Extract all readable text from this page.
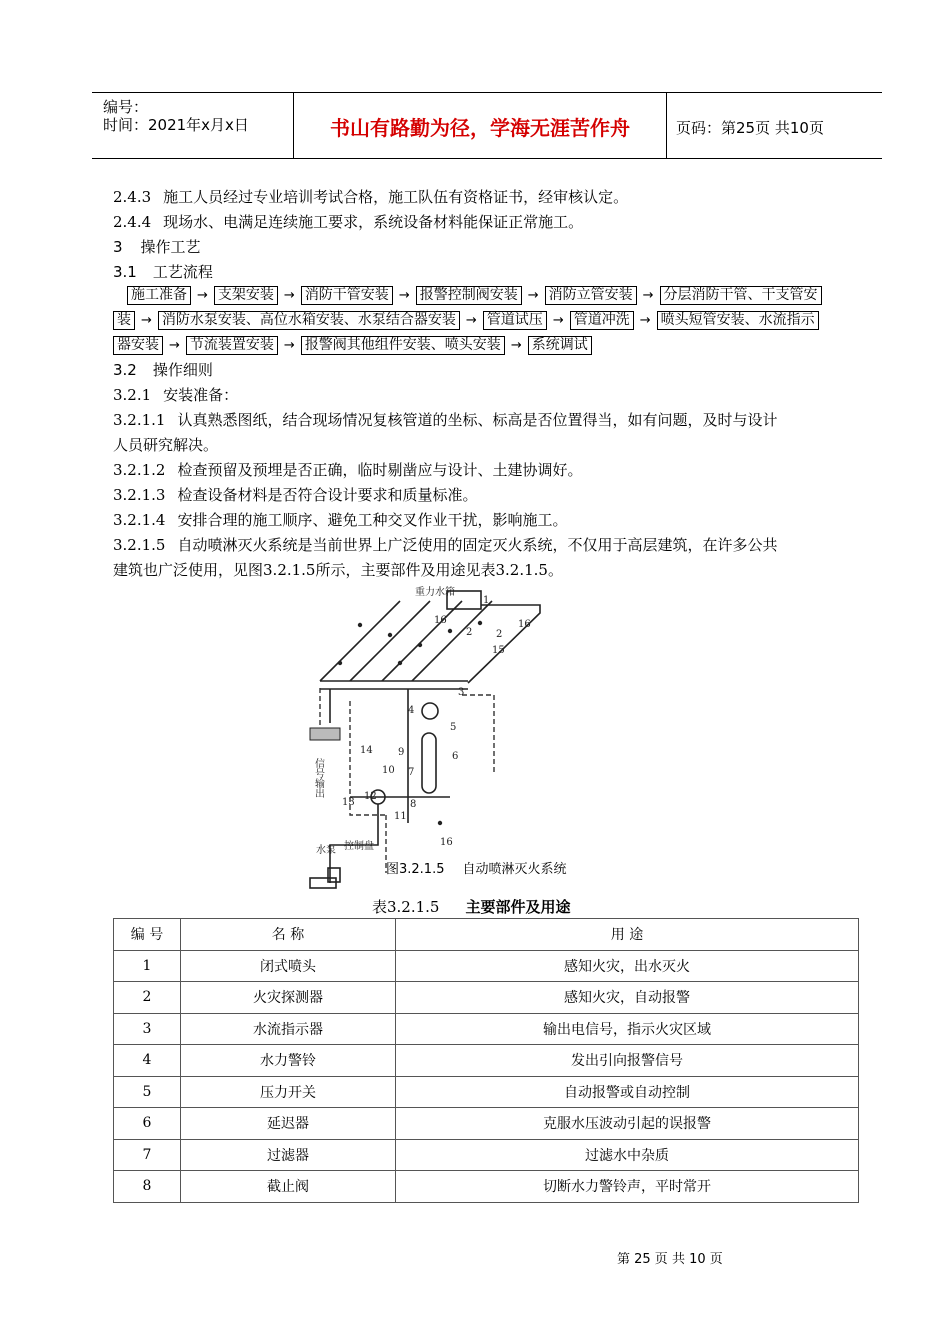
编号：
时间：2021年x月x日	书山有路勤为径，学海无涯苦作舟	页码：第25页 共10页
2.4.3 施工人员经过专业培训考试合格，施工队伍有资格证书，经审核认定。
2.4.4 现场水、电满足连续施工要求，系统设备材料能保证正常施工。
3 操作工艺
3.1 工艺流程
施工准备 → 支架安装 → 消防干管安装 → 报警控制阀安装 → 消防立管安装 → 分层消防干管、干支管安
装 → 消防水泵安装、高位水箱安装、水泵结合器安装 → 管道试压 → 管道冲洗 → 喷头短管安装、水流指示
器安装 → 节流装置安装 → 报警阀其他组件安装、喷头安装 → 系统调试
3.2 操作细则
3.2.1 安装准备：
3.2.1.1 认真熟悉图纸，结合现场情况复核管道的坐标、标高是否位置得当，如有问题，及时与设计
人员研究解决。
3.2.1.2 检查预留及预埋是否正确，临时剔凿应与设计、土建协调好。
3.2.1.3 检查设备材料是否符合设计要求和质量标准。
3.2.1.4 安排合理的施工顺序、避免工种交叉作业干扰，影响施工。
3.2.1.5 自动喷淋灭火系统是当前世界上广泛使用的固定灭火系统，不仅用于高层建筑，在许多公共
建筑也广泛使用，见图3.2.1.5所示，主要部件及用途见表3.2.1.5。
重力水箱
1
16	16
2 2
15
3
4
5
6
14	9
10 7
8
12
13
11
16
信号输出
水泵 控制盘
图3.2.1.5 自动喷淋灭火系统
表3.2.1.5 主要部件及用途
编 号	名 称	用 途
1	闭式喷头	感知火灾，出水灭火
2	火灾探测器	感知火灾，自动报警
3	水流指示器	输出电信号，指示火灾区域
4	水力警铃	发出引向报警信号
5	压力开关	自动报警或自动控制
6	延迟器	克服水压波动引起的误报警
7	过滤器	过滤水中杂质
8	截止阀	切断水力警铃声，平时常开
第 25 页 共 10 页
